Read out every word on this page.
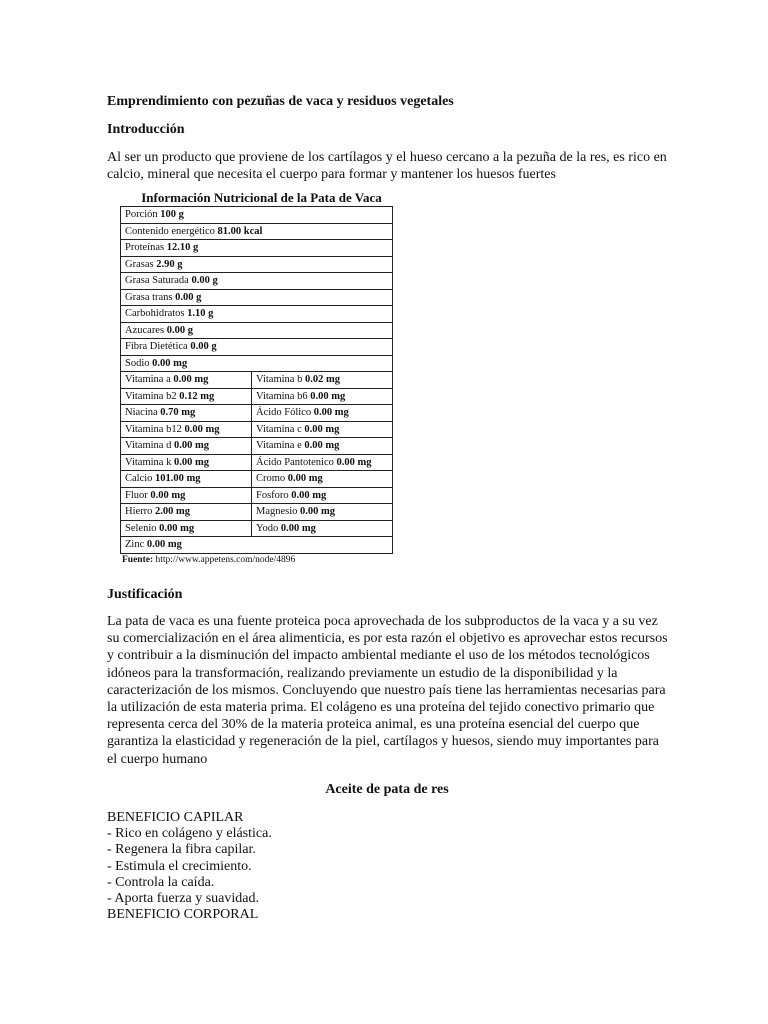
Emprendimiento con pezuñas de vaca y residuos vegetales
Introducción
Al ser un producto que proviene de los cartílagos y el hueso cercano a la pezuña de la res, es rico en
calcio, mineral que necesita el cuerpo para formar y mantener los huesos fuertes
Información Nutricional de la Pata de Vaca
Porción 100 g	
Contenido energético 81.00 kcal	
Proteínas 12.10 g	
Grasas 2.90 g	
Grasa Saturada 0.00 g	
Grasa trans 0.00 g	
Carbohidratos 1.10 g	
Azucares 0.00 g	
Fibra Dietética 0.00 g	
Sodio 0.00 mg	
Vitamina a 0.00 mg	Vitamina b 0.02 mg
Vitamina b2 0.12 mg	Vitamina b6 0.00 mg
Niacina 0.70 mg	Ácido Fólico 0.00 mg
Vitamina b12 0.00 mg	Vitamina c 0.00 mg
Vitamina d 0.00 mg	Vitamina e 0.00 mg
Vitamina k 0.00 mg	Ácido Pantotenico 0.00 mg
Calcio 101.00 mg	Cromo 0.00 mg
Fluor 0.00 mg	Fosforo 0.00 mg
Hierro 2.00 mg	Magnesio 0.00 mg
Selenio 0.00 mg	Yodo 0.00 mg
Zinc 0.00 mg	
Fuente: http://www.appetens.com/node/4896
Justificación
La pata de vaca es una fuente proteica poca aprovechada de los subproductos de la vaca y a su vez
su comercialización en el área alimenticia, es por esta razón el objetivo es aprovechar estos recursos
y contribuir a la disminución del impacto ambiental mediante el uso de los métodos tecnológicos
idóneos para la transformación, realizando previamente un estudio de la disponibilidad y la
caracterización de los mismos. Concluyendo que nuestro país tiene las herramientas necesarias para
la utilización de esta materia prima. El colágeno es una proteína del tejido conectivo primario que
representa cerca del 30% de la materia proteica animal, es una proteína esencial del cuerpo que
garantiza la elasticidad y regeneración de la piel, cartílagos y huesos, siendo muy importantes para
el cuerpo humano
Aceite de pata de res
BENEFICIO CAPILAR
- Rico en colágeno y elástica.
- Regenera la fibra capilar.
- Estimula el crecimiento.
- Controla la caída.
- Aporta fuerza y suavidad.
BENEFICIO CORPORAL
